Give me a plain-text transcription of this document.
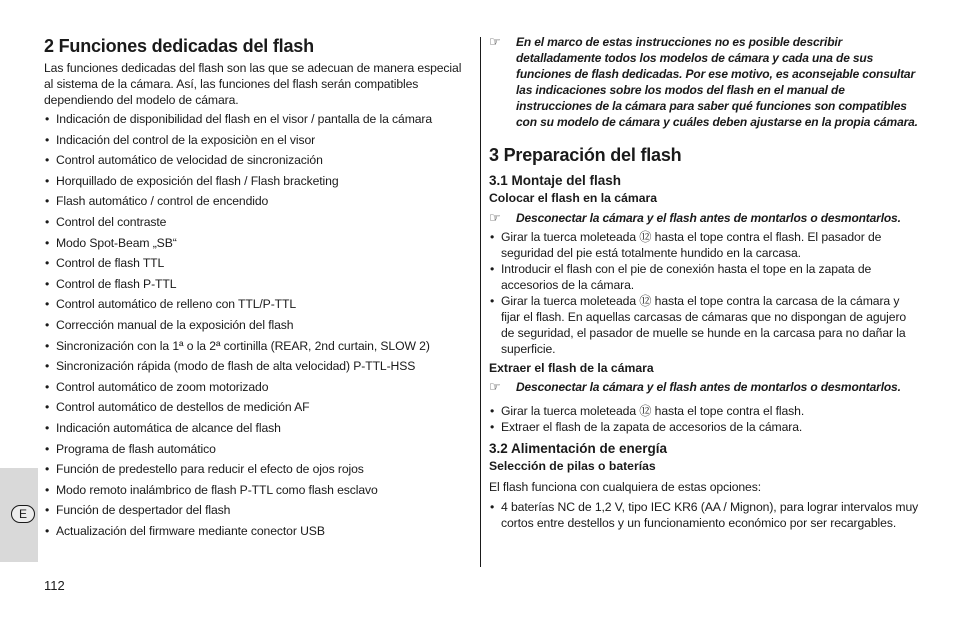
E
112
2 Funciones dedicadas del flash

Las funciones dedicadas del flash son las que se adecuan de manera especial al sistema de la cámara. Así, las funciones del flash serán compatibles dependiendo del modelo de cámara.

• Indicación de disponibilidad del flash en el visor / pantalla de la cámara
• Indicación del control de la exposiciòn en el visor
• Control automático de velocidad de sincronización
• Horquillado de exposición del flash / Flash bracketing
• Flash automático / control de encendido
• Control del contraste
• Modo Spot-Beam „SB“
• Control de flash TTL
• Control de flash P-TTL
• Control automático de relleno con TTL/P-TTL
• Corrección manual de la exposición del flash
• Sincronización con la 1ª o la 2ª cortinilla (REAR, 2nd curtain, SLOW 2)
• Sincronización rápida (modo de flash de alta velocidad) P-TTL-HSS
• Control automático de zoom motorizado
• Control automático de destellos de medición AF
• Indicación automática de alcance del flash
• Programa de flash automático
• Función de predestello para reducir el efecto de ojos rojos
• Modo remoto inalámbrico de flash P-TTL como flash esclavo
• Función de despertador del flash
• Actualización del firmware mediante conector USB
☞ En el marco de estas instrucciones no es posible describir detalladamente todos los modelos de cámara y cada una de sus funciones de flash dedicadas. Por ese motivo, es aconsejable consultar las indicaciones sobre los modos del flash en el manual de instrucciones de la cámara para saber qué funciones son compatibles con su modelo de cámara y cuáles deben ajustarse en la propia cámara.
3 Preparación del flash
3.1 Montaje del flash
Colocar el flash en la cámara
☞ Desconectar la cámara y el flash antes de montarlos o desmontarlos.
• Girar la tuerca moleteada ⑫ hasta el tope contra el flash. El pasador de seguridad del pie está totalmente hundido en la carcasa.
• Introducir el flash con el pie de conexión hasta el tope en la zapata de accesorios de la cámara.
• Girar la tuerca moleteada ⑫ hasta el tope contra la carcasa de la cámara y fijar el flash. En aquellas carcasas de cámaras que no dispongan de agujero de seguridad, el pasador de muelle se hunde en la carcasa para no dañar la superficie.
Extraer el flash de la cámara
☞ Desconectar la cámara y el flash antes de montarlos o desmontarlos.
• Girar la tuerca moleteada ⑫ hasta el tope contra el flash.
• Extraer el flash de la zapata de accesorios de la cámara.
3.2 Alimentación de energía
Selección de pilas o baterías

El flash funciona con cualquiera de estas opciones:

• 4 baterías NC de 1,2 V, tipo IEC KR6 (AA / Mignon), para lograr intervalos muy cortos entre destellos y un funcionamiento económico por ser recargables.
